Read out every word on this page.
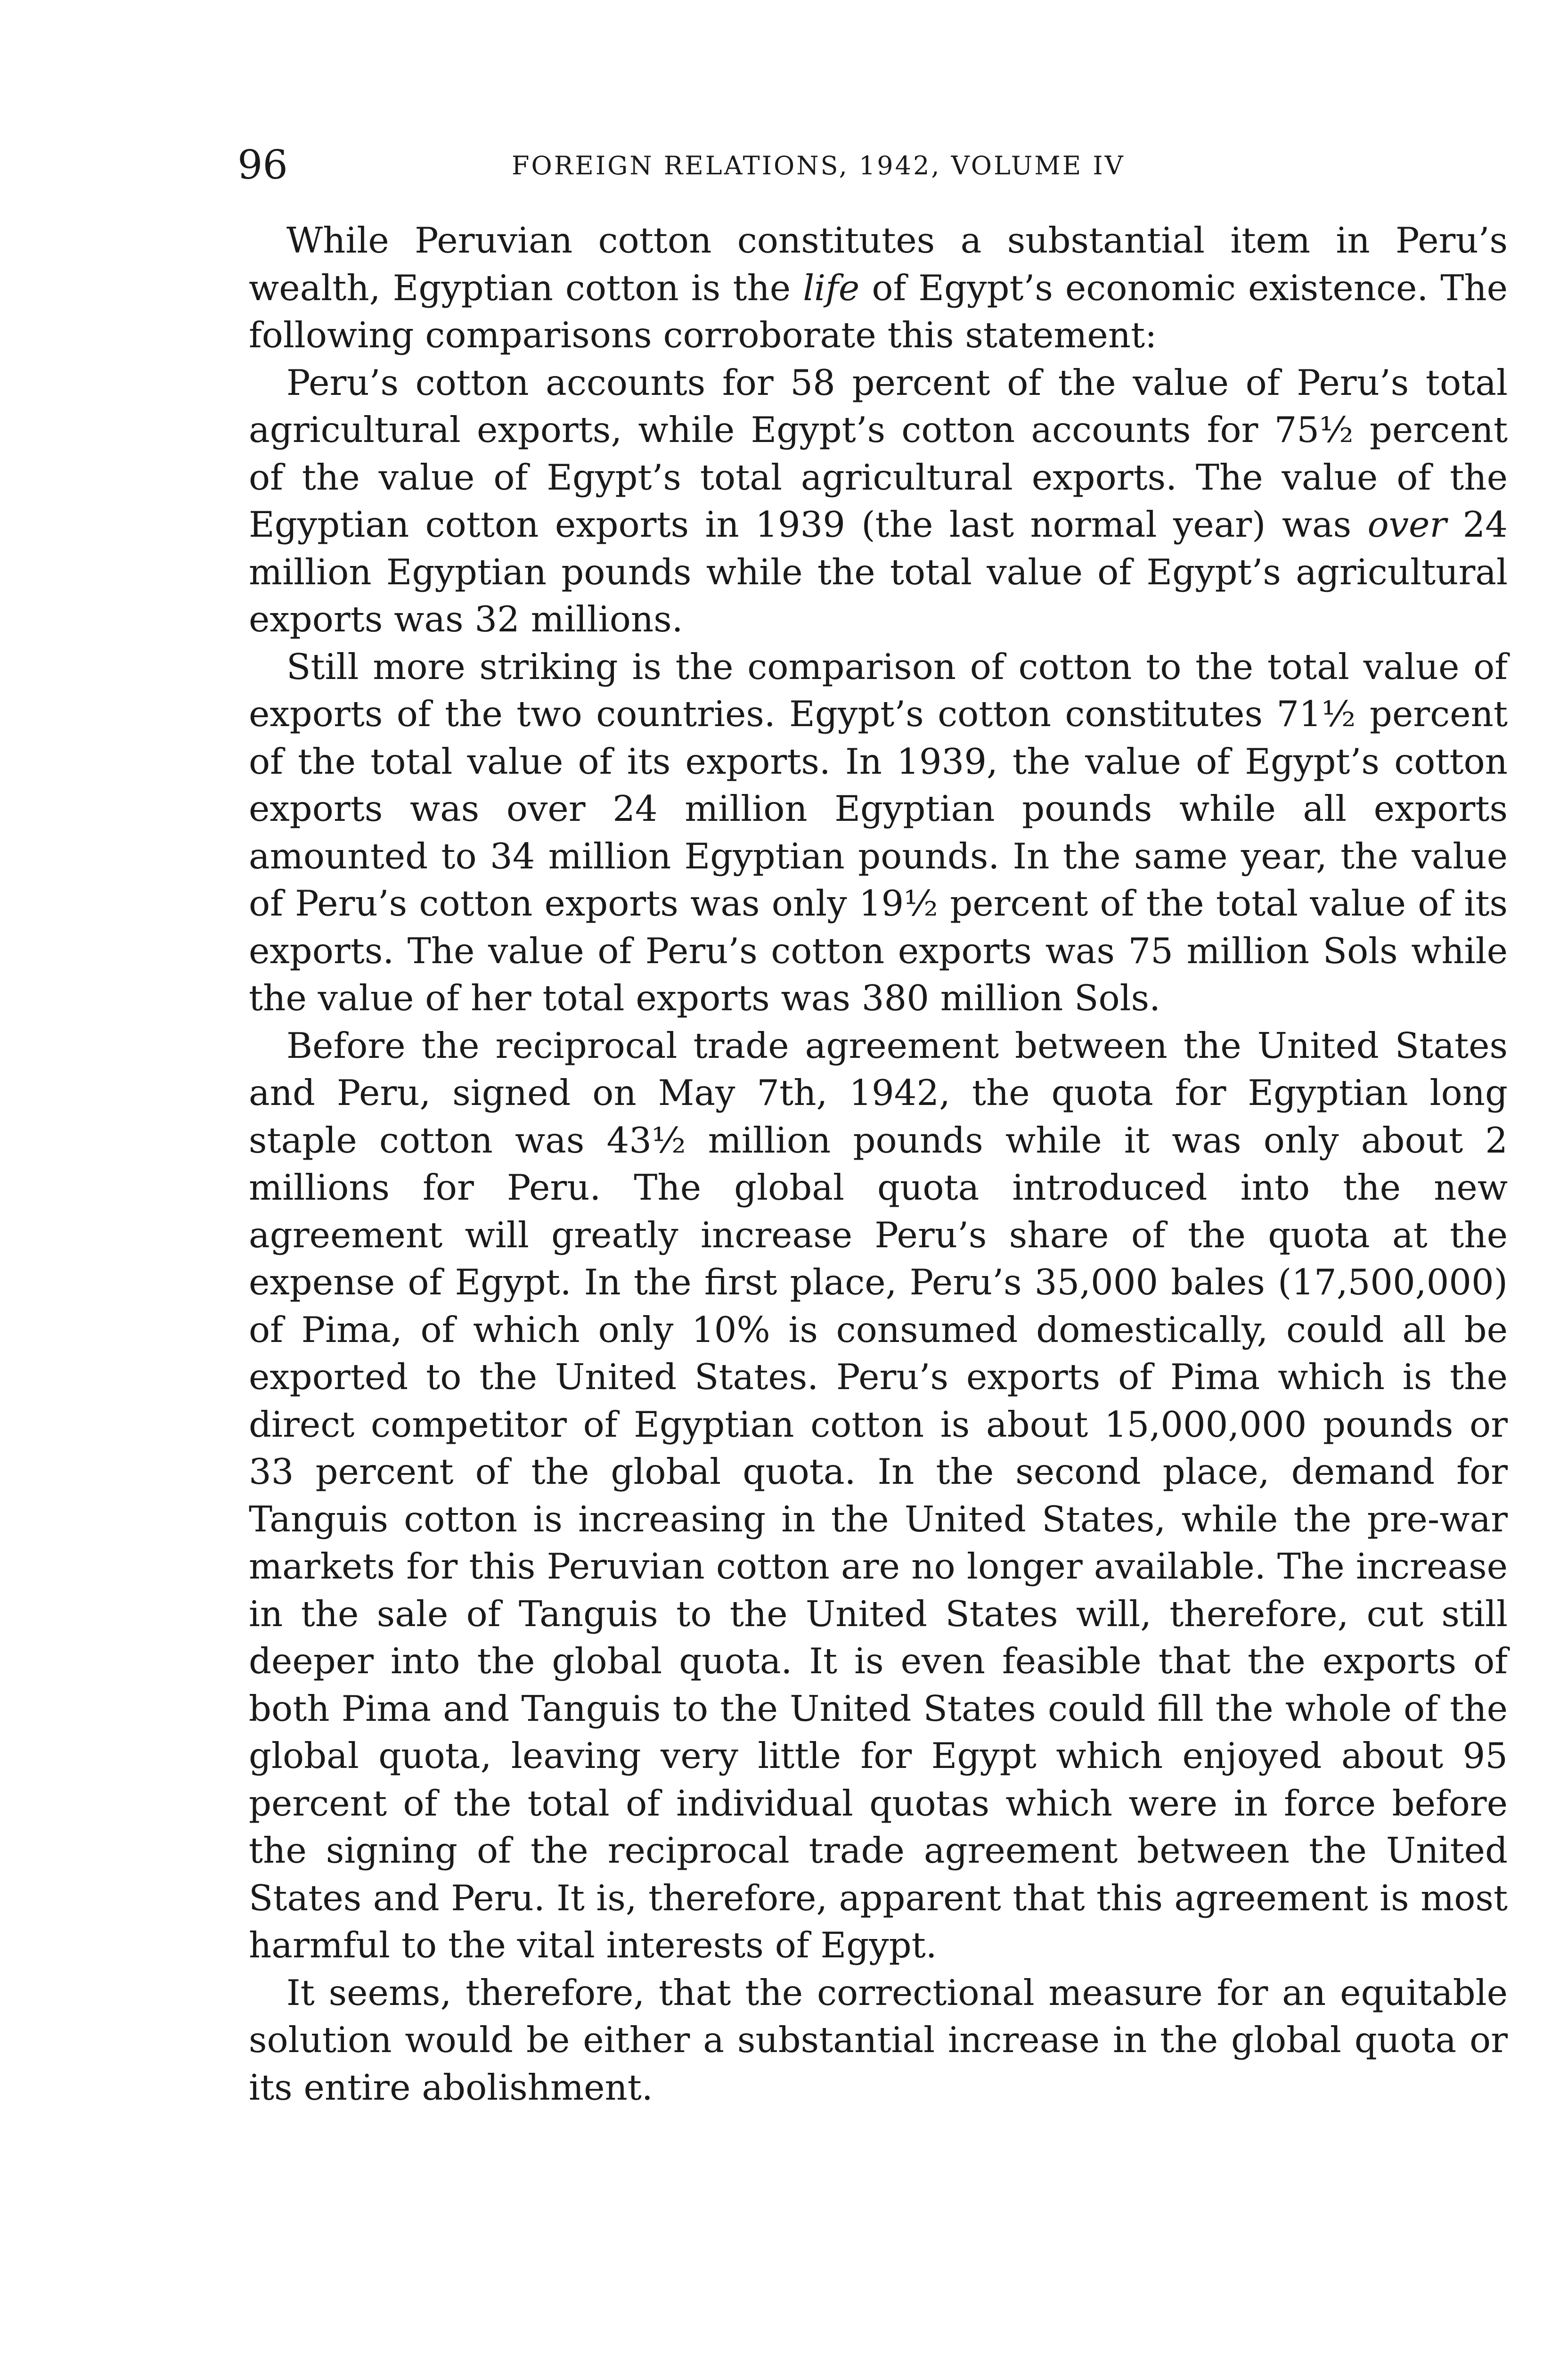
96	FOREIGN RELATIONS, 1942, VOLUME IV

While Peruvian cotton constitutes a substantial item in Peru’s wealth, Egyptian cotton is the life of Egypt’s economic existence. The following comparisons corroborate this statement:

Peru’s cotton accounts for 58 percent of the value of Peru’s total agricultural exports, while Egypt’s cotton accounts for 75½ percent of the value of Egypt’s total agricultural exports. The value of the Egyptian cotton exports in 1939 (the last normal year) was over 24 million Egyptian pounds while the total value of Egypt’s agricultural exports was 32 millions.

Still more striking is the comparison of cotton to the total value of exports of the two countries. Egypt’s cotton constitutes 71½ percent of the total value of its exports. In 1939, the value of Egypt’s cotton exports was over 24 million Egyptian pounds while all exports amounted to 34 million Egyptian pounds. In the same year, the value of Peru’s cotton exports was only 19½ percent of the total value of its exports. The value of Peru’s cotton exports was 75 million Sols while the value of her total exports was 380 million Sols.

Before the reciprocal trade agreement between the United States and Peru, signed on May 7th, 1942, the quota for Egyptian long staple cotton was 43½ million pounds while it was only about 2 millions for Peru. The global quota introduced into the new agreement will greatly increase Peru’s share of the quota at the expense of Egypt. In the first place, Peru’s 35,000 bales (17,500,000) of Pima, of which only 10% is consumed domestically, could all be exported to the United States. Peru’s exports of Pima which is the direct competitor of Egyptian cotton is about 15,000,000 pounds or 33 percent of the global quota. In the second place, demand for Tanguis cotton is increasing in the United States, while the pre-war markets for this Peruvian cotton are no longer available. The increase in the sale of Tanguis to the United States will, therefore, cut still deeper into the global quota. It is even feasible that the exports of both Pima and Tanguis to the United States could fill the whole of the global quota, leaving very little for Egypt which enjoyed about 95 percent of the total of individual quotas which were in force before the signing of the reciprocal trade agreement between the United States and Peru. It is, therefore, apparent that this agreement is most harmful to the vital interests of Egypt.

It seems, therefore, that the correctional measure for an equitable solution would be either a substantial increase in the global quota or its entire abolishment.
